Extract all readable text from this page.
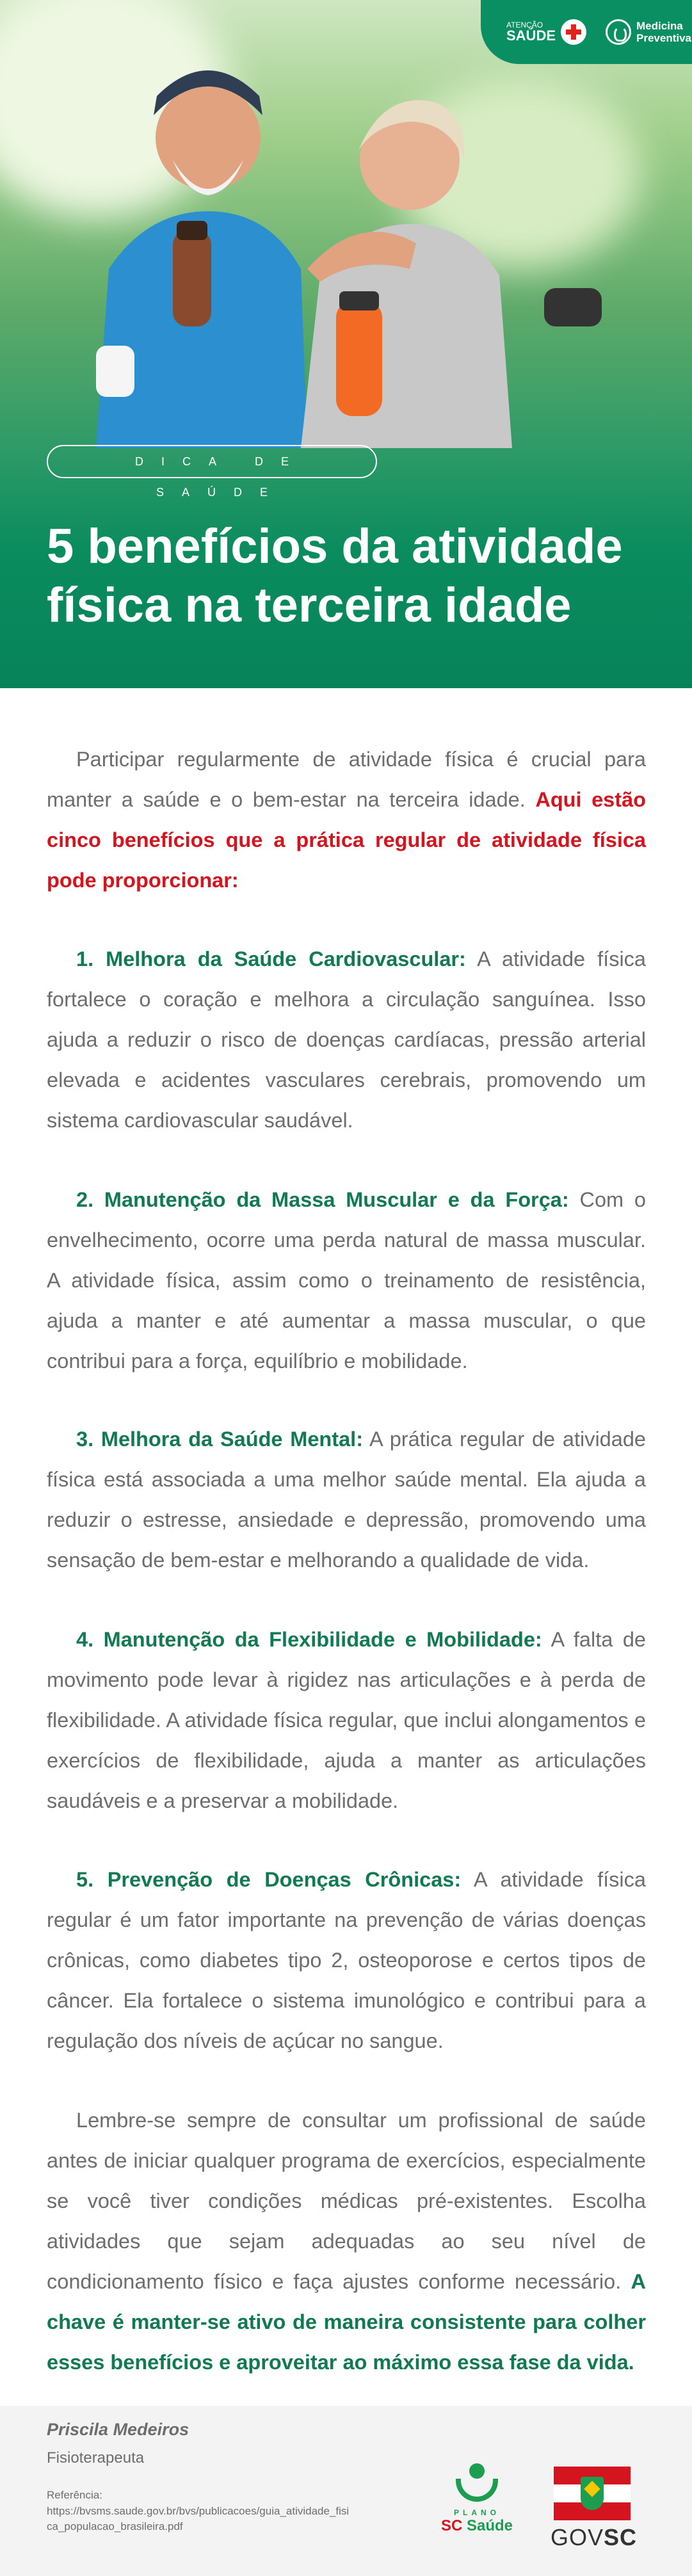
ATENÇÃO
SAÚDE
Medicina
Preventiva
DICA DE SAÚDE
5 benefícios da atividade física na terceira idade

Participar regularmente de atividade física é crucial para manter a saúde e o bem-estar na terceira idade. Aqui estão cinco benefícios que a prática regular de atividade física pode proporcionar:

1. Melhora da Saúde Cardiovascular: A atividade física fortalece o coração e melhora a circulação sanguínea. Isso ajuda a reduzir o risco de doenças cardíacas, pressão arterial elevada e acidentes vasculares cerebrais, promovendo um sistema cardiovascular saudável.

2. Manutenção da Massa Muscular e da Força: Com o envelhecimento, ocorre uma perda natural de massa muscular. A atividade física, assim como o treinamento de resistência, ajuda a manter e até aumentar a massa muscular, o que contribui para a força, equilíbrio e mobilidade.

3. Melhora da Saúde Mental: A prática regular de atividade física está associada a uma melhor saúde mental. Ela ajuda a reduzir o estresse, ansiedade e depressão, promovendo uma sensação de bem-estar e melhorando a qualidade de vida.

4. Manutenção da Flexibilidade e Mobilidade: A falta de movimento pode levar à rigidez nas articulações e à perda de flexibilidade. A atividade física regular, que inclui alongamentos e exercícios de flexibilidade, ajuda a manter as articulações saudáveis e a preservar a mobilidade.

5. Prevenção de Doenças Crônicas: A atividade física regular é um fator importante na prevenção de várias doenças crônicas, como diabetes tipo 2, osteoporose e certos tipos de câncer. Ela fortalece o sistema imunológico e contribui para a regulação dos níveis de açúcar no sangue.

Lembre-se sempre de consultar um profissional de saúde antes de iniciar qualquer programa de exercícios, especialmente se você tiver condições médicas pré-existentes. Escolha atividades que sejam adequadas ao seu nível de condicionamento físico e faça ajustes conforme necessário. A chave é manter-se ativo de maneira consistente para colher esses benefícios e aproveitar ao máximo essa fase da vida.

Priscila Medeiros
Fisioterapeuta
Referência:
https://bvsms.saude.gov.br/bvs/publicacoes/guia_atividade_fisica_populacao_brasileira.pdf
PLANO
SC Saúde GOVSC
